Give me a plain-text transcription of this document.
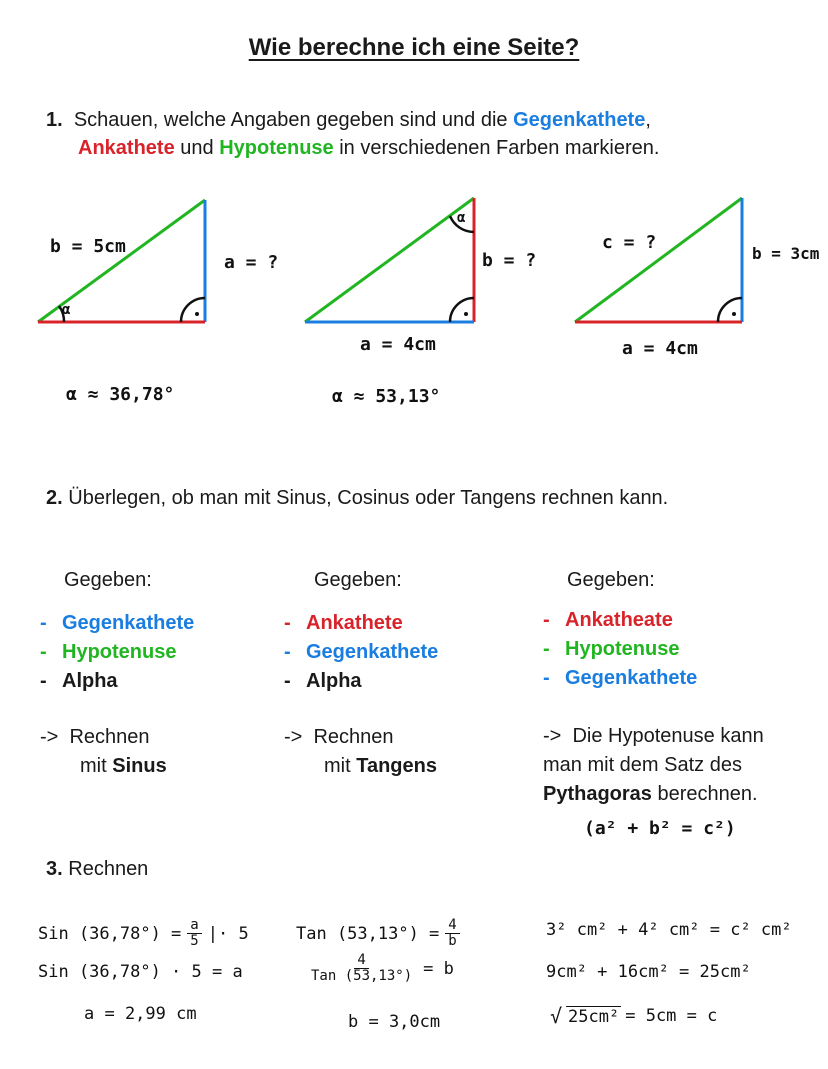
Wie berechne ich eine Seite?
1. Schauen, welche Angaben gegeben sind und die Gegenkathete,
Ankathete und Hypotenuse in verschiedenen Farben markieren.
b = 5cm
a = ?
α
α ≈ 36,78°
b = ?
a = 4cm
α
α ≈ 53,13°
c = ?
b = 3cm
a = 4cm
2. Überlegen, ob man mit Sinus, Cosinus oder Tangens rechnen kann.
Gegeben:
- Gegenkathete
- Hypotenuse
- Alpha
-> Rechnen
mit Sinus
Gegeben:
- Ankathete
- Gegenkathete
- Alpha
-> Rechnen
mit Tangens
Gegeben:
- Ankatheate
- Hypotenuse
- Gegenkathete
-> Die Hypotenuse kann
man mit dem Satz des
Pythagoras berechnen.
(a² + b² = c²)
3. Rechnen
Sin $(36,78^\circ) = \frac{a}{5}$ |· 5
Sin (36,78°) · 5 = a
a = 2,99 cm
Tan $(53,13^\circ) = \frac{4}{b}$
$\frac{4}{\text{Tan (53,13°)}} = b$
b = 3,0cm
3² cm² + 4² cm² = c² cm²
9cm² + 16cm² = 25cm²
√ 25cm² = 5cm = c
